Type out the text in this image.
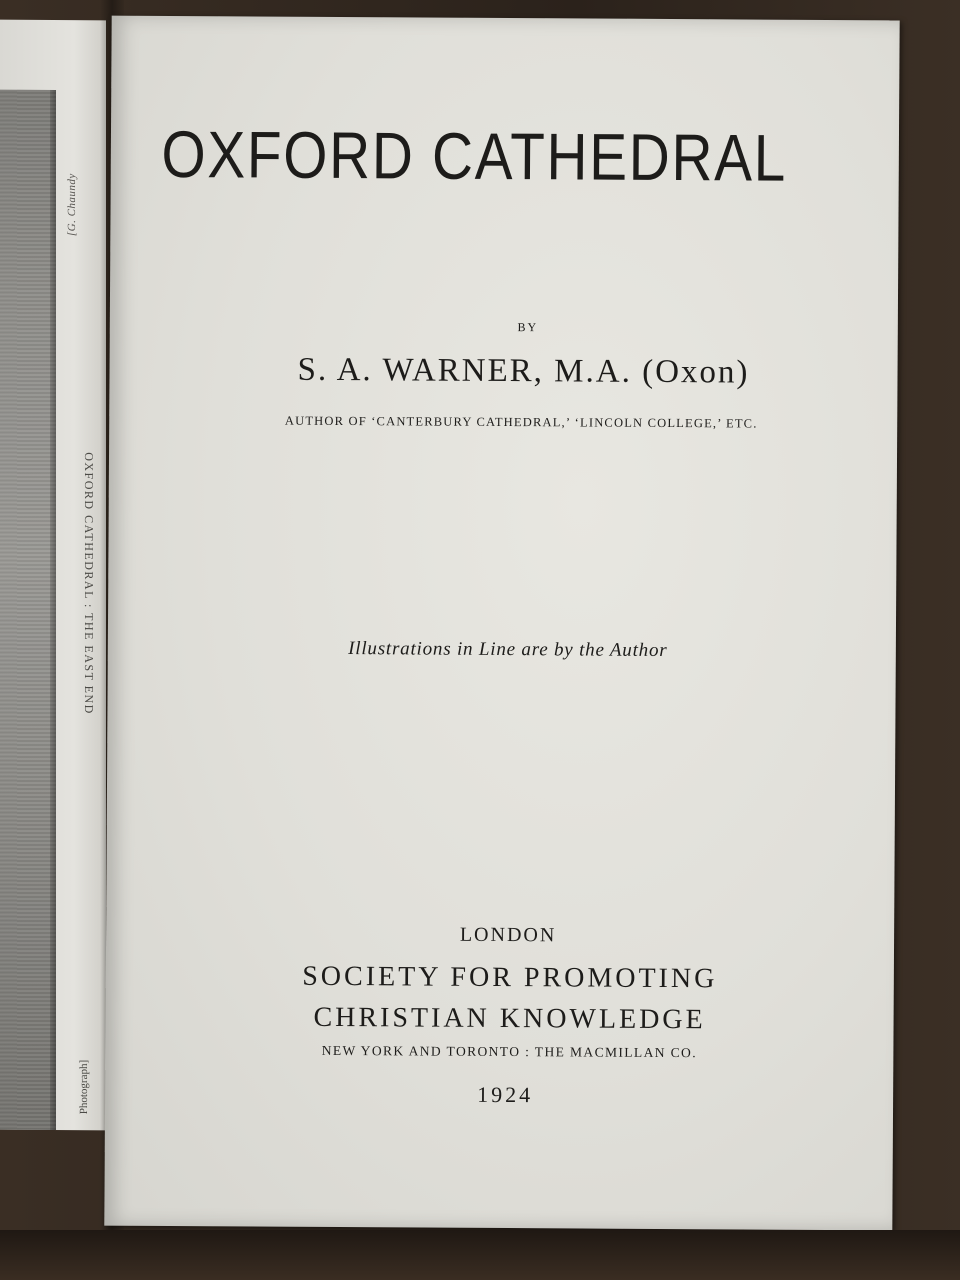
[G. Chaundy
OXFORD CATHEDRAL : THE EAST END
Photograph]
OXFORD CATHEDRAL
BY
S. A. WARNER, M.A. (Oxon)
AUTHOR OF ‘CANTERBURY CATHEDRAL,’ ‘LINCOLN COLLEGE,’ ETC.
Illustrations in Line are by the Author
LONDON
SOCIETY FOR PROMOTING
CHRISTIAN KNOWLEDGE
NEW YORK AND TORONTO : THE MACMILLAN CO.
1924
